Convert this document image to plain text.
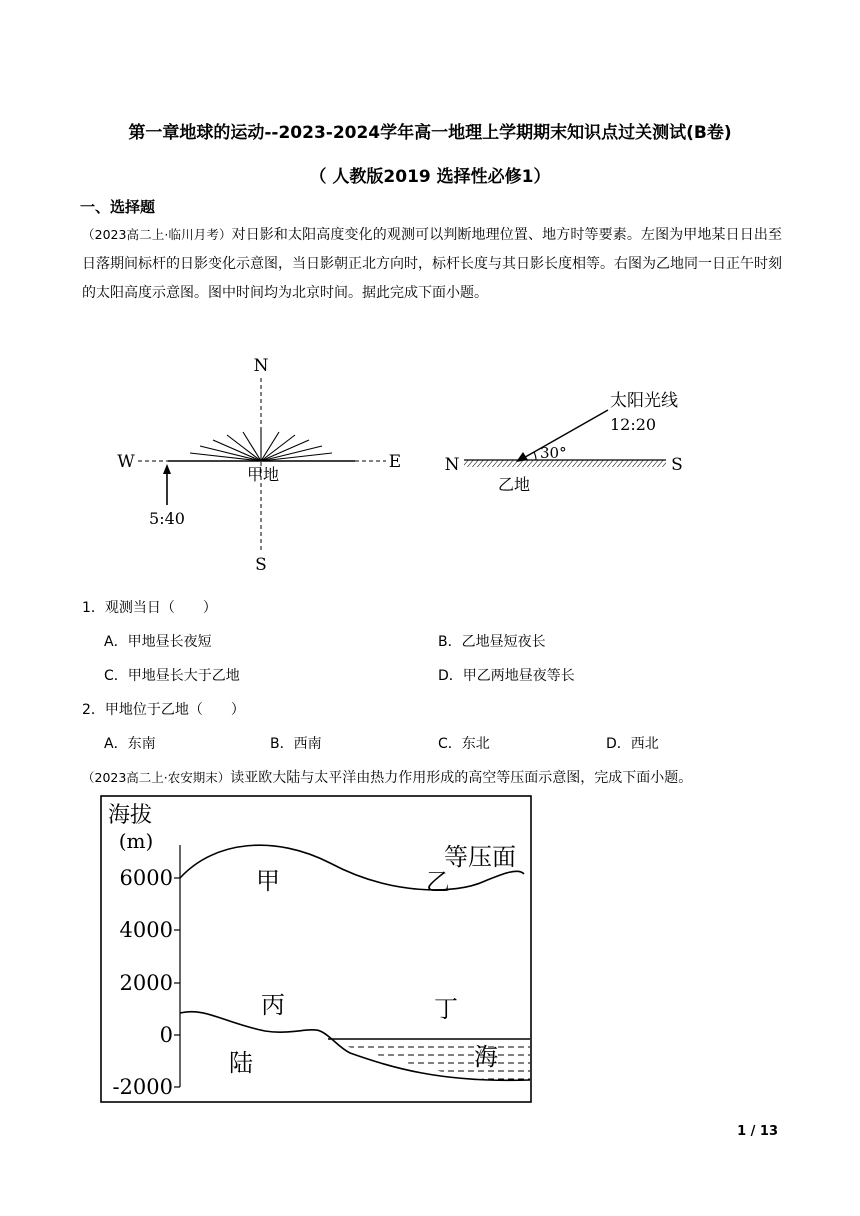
第一章地球的运动--2023-2024学年高一地理上学期期末知识点过关测试(B卷)
（ 人教版2019 选择性必修1）
一、选择题
（2023高二上·临川月考）对日影和太阳高度变化的观测可以判断地理位置、地方时等要素。左图为甲地某日日出至日落期间标杆的日影变化示意图，当日影朝正北方向时，标杆长度与其日影长度相等。右图为乙地同一日正午时刻的太阳高度示意图。图中时间均为北京时间。据此完成下面小题。
N
S
W	E
甲地
5:40
太阳光线
12:20
30°
N	S
乙地
1．观测当日（　　）
A．甲地昼长夜短	B．乙地昼短夜长
C．甲地昼长大于乙地	D．甲乙两地昼夜等长
2．甲地位于乙地（　　）
A．东南	B．西南	C．东北	D．西北
（2023高二上·农安期末）读亚欧大陆与太平洋由热力作用形成的高空等压面示意图，完成下面小题。
海拔
(m)
6000
4000
2000
0
-2000
甲	乙
等压面
丙	丁
陆	海
1 / 13
